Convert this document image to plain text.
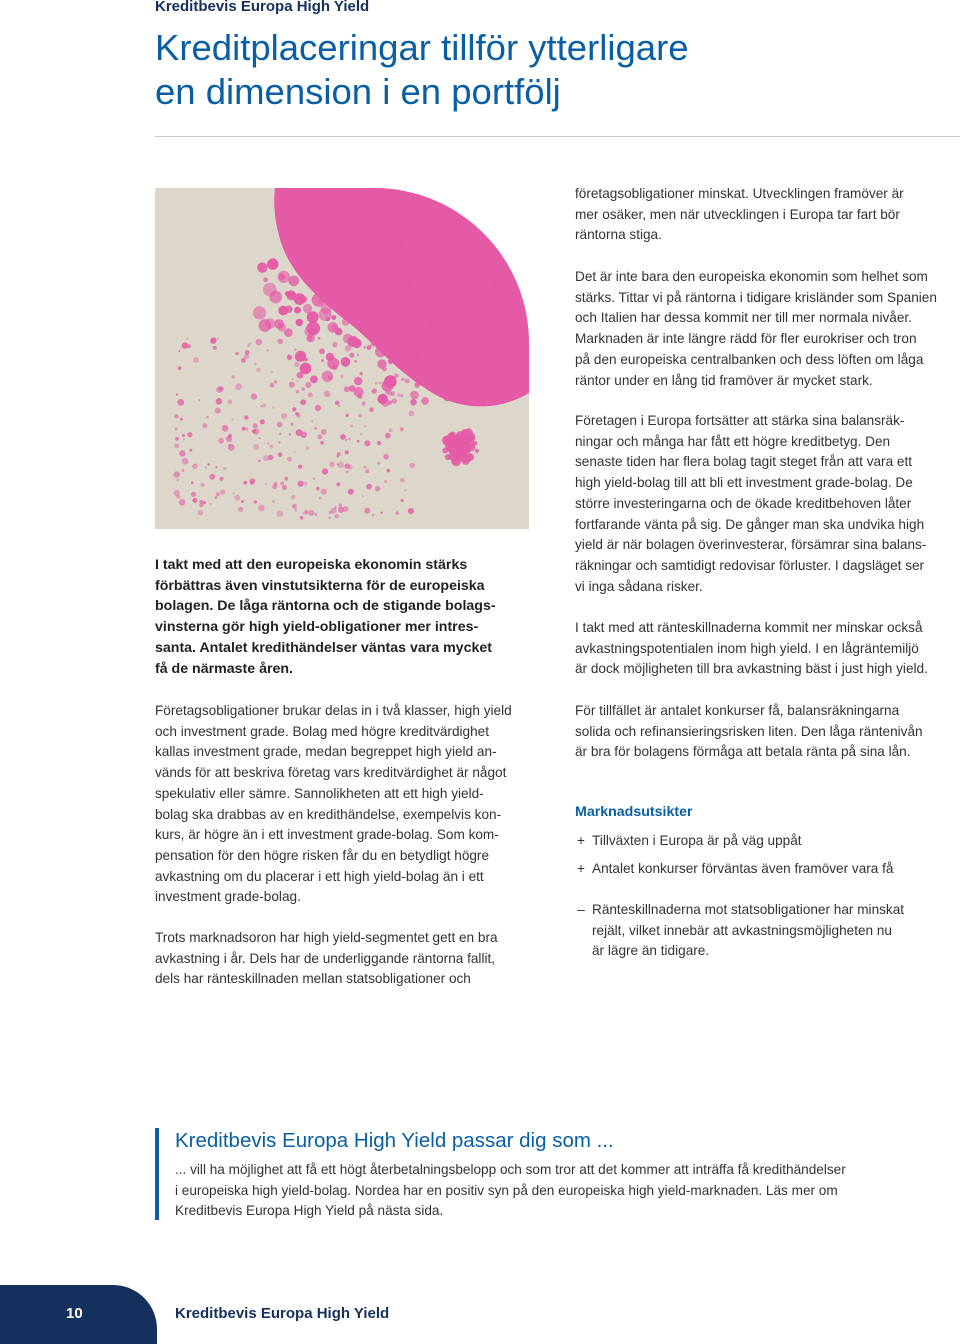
Kreditbevis Europa High Yield
Kreditplaceringar tillför ytterligare
en dimension i en portfölj
I takt med att den europeiska ekonomin stärks
förbättras även vinstutsikterna för de europeiska
bolagen. De låga räntorna och de stigande bolags-
vinsterna gör high yield-obligationer mer intres-
santa. Antalet kredithändelser väntas vara mycket
få de närmaste åren.
Företagsobligationer brukar delas in i två klasser, high yield
och investment grade. Bolag med högre kreditvärdighet
kallas investment grade, medan begreppet high yield an-
vänds för att beskriva företag vars kreditvärdighet är något
spekulativ eller sämre. Sannolikheten att ett high yield-
bolag ska drabbas av en kredithändelse, exempelvis kon-
kurs, är högre än i ett investment grade-bolag. Som kom-
pensation för den högre risken får du en betydligt högre
avkastning om du placerar i ett high yield-bolag än i ett
investment grade-bolag.
Trots marknadsoron har high yield-segmentet gett en bra
avkastning i år. Dels har de underliggande räntorna fallit,
dels har ränteskillnaden mellan statsobligationer och
företagsobligationer minskat. Utvecklingen framöver är
mer osäker, men när utvecklingen i Europa tar fart bör
räntorna stiga.
Det är inte bara den europeiska ekonomin som helhet som
stärks. Tittar vi på räntorna i tidigare krisländer som Spanien
och Italien har dessa kommit ner till mer normala nivåer.
Marknaden är inte längre rädd för fler eurokriser och tron
på den europeiska centralbanken och dess löften om låga
räntor under en lång tid framöver är mycket stark.
Företagen i Europa fortsätter att stärka sina balansräk-
ningar och många har fått ett högre kreditbetyg. Den
senaste tiden har flera bolag tagit steget från att vara ett
high yield-bolag till att bli ett investment grade-bolag. De
större investeringarna och de ökade kreditbehoven låter
fortfarande vänta på sig. De gånger man ska undvika high
yield är när bolagen överinvesterar, försämrar sina balans-
räkningar och samtidigt redovisar förluster. I dagsläget ser
vi inga sådana risker.
I takt med att ränteskillnaderna kommit ner minskar också
avkastningspotentialen inom high yield. I en lågräntemiljö
är dock möjligheten till bra avkastning bäst i just high yield.
För tillfället är antalet konkurser få, balansräkningarna
solida och refinansieringsrisken liten. Den låga räntenivån
är bra för bolagens förmåga att betala ränta på sina lån.
Marknadsutsikter
+ Tillväxten i Europa är på väg uppåt
+ Antalet konkurser förväntas även framöver vara få
– Ränteskillnaderna mot statsobligationer har minskat
rejält, vilket innebär att avkastningsmöjligheten nu
är lägre än tidigare.
Kreditbevis Europa High Yield passar dig som ...
... vill ha möjlighet att få ett högt återbetalningsbelopp och som tror att det kommer att inträffa få kredithändelser
i europeiska high yield-bolag. Nordea har en positiv syn på den europeiska high yield-marknaden. Läs mer om
Kreditbevis Europa High Yield på nästa sida.
10	Kreditbevis Europa High Yield
